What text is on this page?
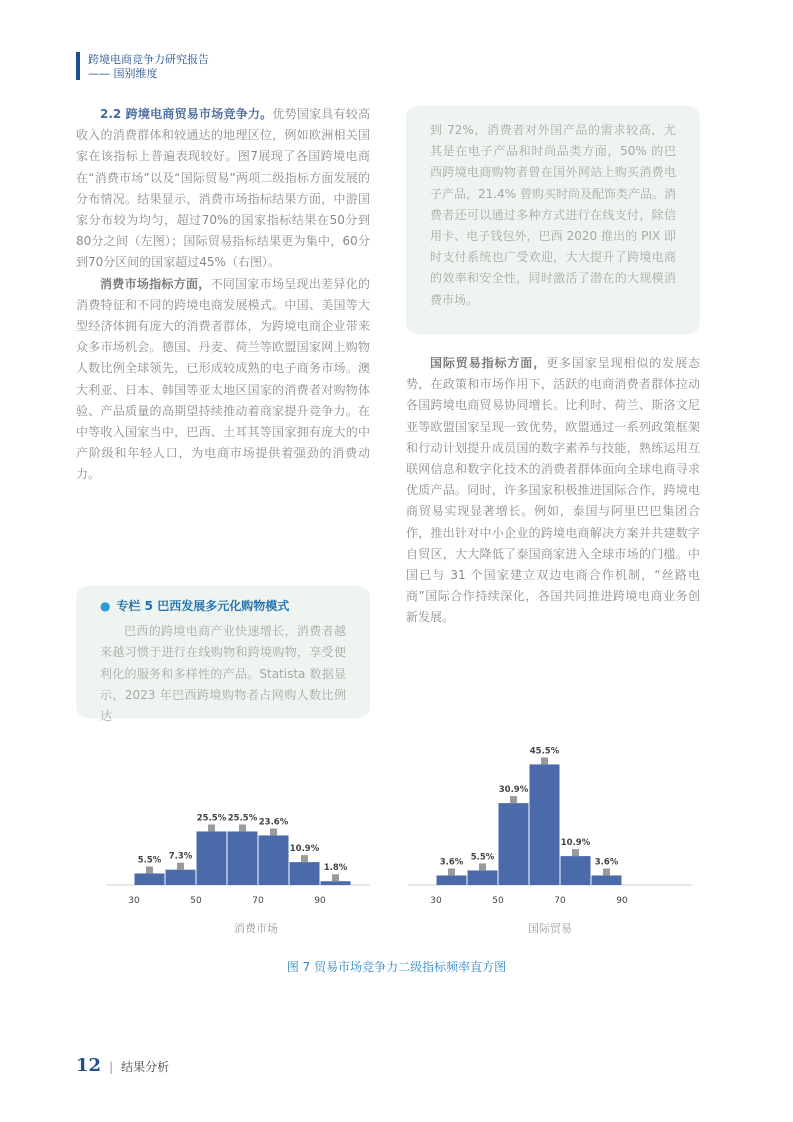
跨境电商竞争力研究报告
—— 国别维度

2.2 跨境电商贸易市场竞争力。优势国家具有较高收入的消费群体和较通达的地理区位，例如欧洲相关国家在该指标上普遍表现较好。图7展现了各国跨境电商在“消费市场”以及“国际贸易”两项二级指标方面发展的分布情况。结果显示，消费市场指标结果方面，中游国家分布较为均匀，超过70%的国家指标结果在50分到80分之间（左图）；国际贸易指标结果更为集中，60分到70分区间的国家超过45%（右图）。

消费市场指标方面，不同国家市场呈现出差异化的消费特征和不同的跨境电商发展模式。中国、美国等大型经济体拥有庞大的消费者群体，为跨境电商企业带来众多市场机会。德国、丹麦、荷兰等欧盟国家网上购物人数比例全球领先，已形成较成熟的电子商务市场。澳大利亚、日本、韩国等亚太地区国家的消费者对购物体验、产品质量的高期望持续推动着商家提升竞争力。在中等收入国家当中，巴西、土耳其等国家拥有庞大的中产阶级和年轻人口，为电商市场提供着强劲的消费动力。

● 专栏 5 巴西发展多元化购物模式

巴西的跨境电商产业快速增长，消费者越来越习惯于进行在线购物和跨境购物，享受便利化的服务和多样性的产品。Statista 数据显示，2023 年巴西跨境购物者占网购人数比例达

到 72%，消费者对外国产品的需求较高，尤其是在电子产品和时尚品类方面，50% 的巴西跨境电商购物者曾在国外网站上购买消费电子产品，21.4% 曾购买时尚及配饰类产品。消费者还可以通过多种方式进行在线支付，除信用卡、电子钱包外，巴西 2020 推出的 PIX 即时支付系统也广受欢迎，大大提升了跨境电商的效率和安全性，同时激活了潜在的大规模消费市场。

国际贸易指标方面，更多国家呈现相似的发展态势，在政策和市场作用下，活跃的电商消费者群体拉动各国跨境电商贸易协同增长。比利时、荷兰、斯洛文尼亚等欧盟国家呈现一致优势，欧盟通过一系列政策框架和行动计划提升成员国的数字素养与技能，熟练运用互联网信息和数字化技术的消费者群体面向全球电商寻求优质产品。同时，许多国家积极推进国际合作，跨境电商贸易实现显著增长。例如，泰国与阿里巴巴集团合作，推出针对中小企业的跨境电商解决方案并共建数字自贸区，大大降低了泰国商家进入全球市场的门槛。中国已与 31 个国家建立双边电商合作机制，“丝路电商”国际合作持续深化，各国共同推进跨境电商业务创新发展。

5.5% 7.3%
25.5% 25.5% 23.6%
10.9%
1.8%
30	50	70	90
消费市场
3.6%
5.5%
30.9%
45.5%
10.9%
3.6%
30	50	70	90
国际贸易
图 7 贸易市场竞争力二级指标频率直方图
12 | 结果分析
